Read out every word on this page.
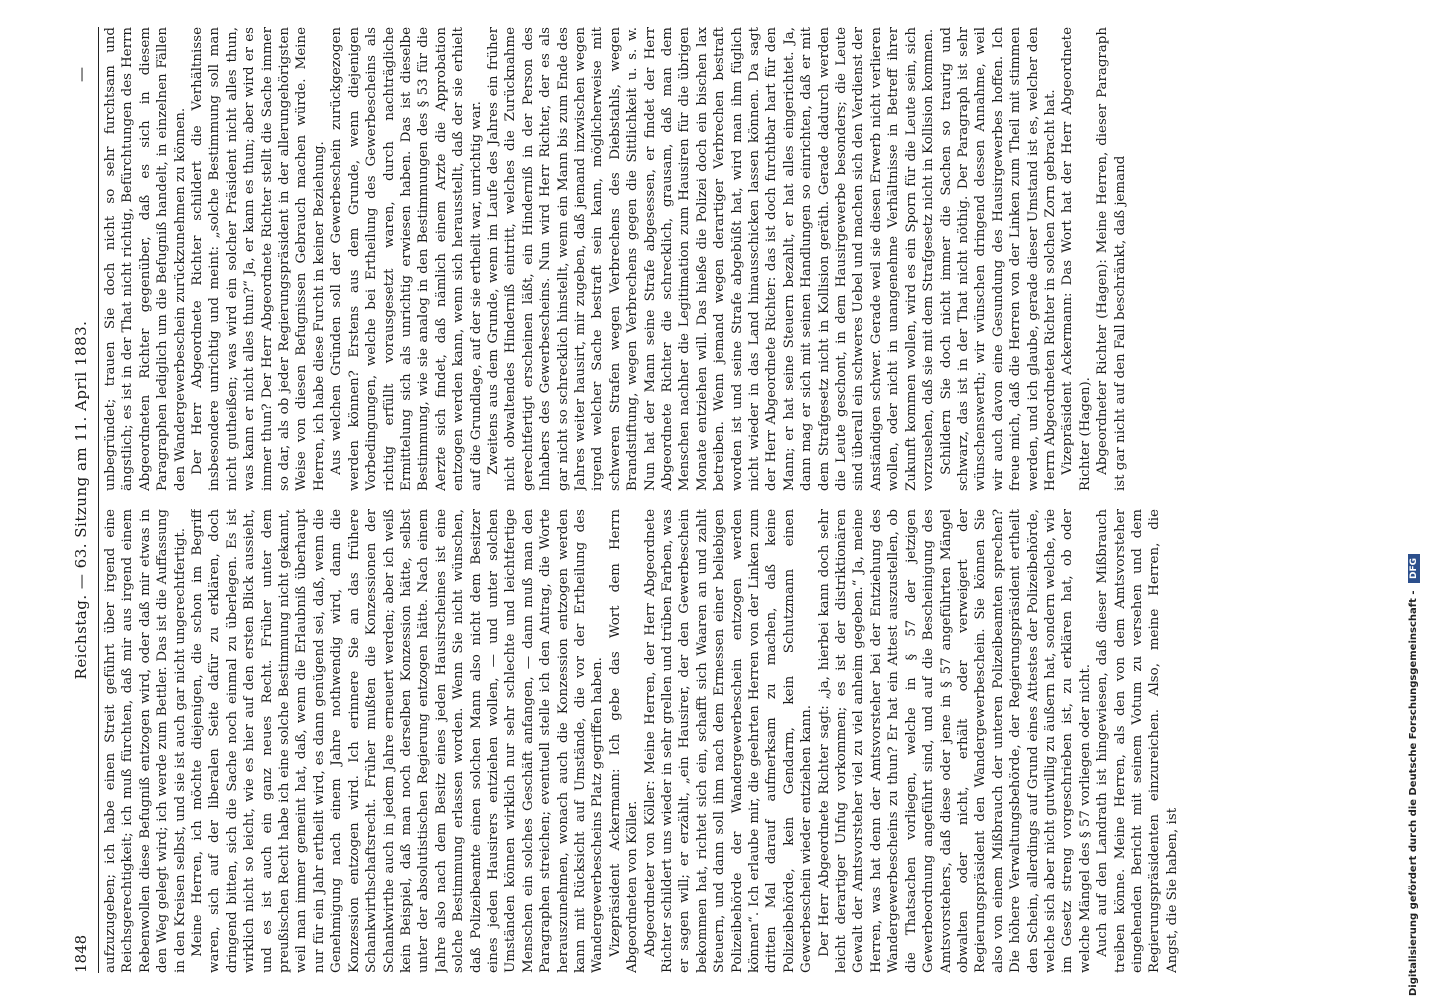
1848
Reichstag. — 63. Sitzung am 11. April 1883.
—

aufzuzugeben; ich habe einen Streit geführt über irgend eine Reichsgerechtigkeit; ich muß fürchten, daß mir aus irgend einem Rebenwollen diese Befugniß entzogen wird, oder daß mir etwas in den Weg gelegt wird; ich werde zum Bettler. Das ist die Auffassung in den Kreisen selbst, und sie ist auch gar nicht ungerechtfertigt. Meine Herren, ich möchte diejenigen, die schon im Begriff waren, sich auf der liberalen Seite dafür zu erklären, doch dringend bitten, sich die Sache noch einmal zu überlegen. Es ist wirklich nicht so leicht, wie es hier auf den ersten Blick aussieht, und es ist auch ein ganz neues Recht. Früher unter dem preußischen Recht habe ich eine solche Bestimmung nicht gekannt, weil man immer gemeint hat, daß, wenn die Erlaubniß überhaupt nur für ein Jahr ertheilt wird, es dann genügend sei, daß, wenn die Genehmigung nach einem Jahre nothwendig wird, dann die Konzession entzogen wird. Ich erinnere Sie an das frühere Schankwirthschaftsrecht. Früher mußten die Konzessionen der Schankwirthe auch in jedem Jahre erneuert werden; aber ich weiß kein Beispiel, daß man noch derselben Konzession hätte, selbst unter der absolutistischen Regierung entzogen hätte. Nach einem Jahre also nach dem Besitz eines jeden Hausirscheines ist eine solche Bestimmung erlassen worden. Wenn Sie nicht wünschen, daß Polizeibeamte einen solchen Mann also nicht dem Besitzer eines jeden Hausirers entziehen wollen, — und unter solchen Umständen können wirklich nur sehr schlechte und leichtfertige Menschen ein solches Geschäft anfangen, — dann muß man den Paragraphen streichen; eventuell stelle ich den Antrag, die Worte herauszunehmen, wonach auch die Konzession entzogen werden kann mit Rücksicht auf Umstände, die vor der Ertheilung des Wandergewerbescheins Platz gegriffen haben. Vizepräsident Ackermann: Ich gebe das Wort dem Herrn Abgeordneten von Köller. Abgeordneter von Köller: Meine Herren, der Herr Abgeordnete Richter schildert uns wieder in sehr grellen und trüben Farben, was er sagen will; er erzählt, „ein Hausirer, der den Gewerbeschein bekommen hat, richtet sich ein, schafft sich Waaren an und zahlt Steuern, und dann soll ihm nach dem Ermessen einer beliebigen Polizeibehörde der Wandergewerbeschein entzogen werden können“. Ich erlaube mir, die geehrten Herren von der Linken zum dritten Mal darauf aufmerksam zu machen, daß keine Polizeibehörde, kein Gendarm, kein Schutzmann einen Gewerbeschein wieder entziehen kann. Der Herr Abgeordnete Richter sagt: „ja, hierbei kann doch sehr leicht derartiger Unfug vorkommen; es ist der distriktionären Gewalt der Amtsvorsteher viel zu viel anheim gegeben.“ Ja, meine Herren, was hat denn der Amtsvorsteher bei der Entziehung des Wandergewerbescheins zu thun? Er hat ein Attest auszustellen, ob die Thatsachen vorliegen, welche in § 57 der jetzigen Gewerbeordnung angeführt sind, und auf die Bescheinigung des Amtsvorstehers, daß diese oder jene in § 57 angeführten Mängel obwalten oder nicht, erhält oder verweigert der Regierungspräsident den Wandergewerbeschein. Sie können Sie also von einem Mißbrauch der unteren Polizeibeamten sprechen? Die höhere Verwaltungsbehörde, der Regierungspräsident ertheilt den Schein, allerdings auf Grund eines Attestes der Polizeibehörde, welche sich aber nicht gutwillig zu äußern hat, sondern welche, wie im Gesetz streng vorgeschrieben ist, zu erklären hat, ob oder welche Mängel des § 57 vorliegen oder nicht. Auch auf den Landrath ist hingewiesen, daß dieser Mißbrauch treiben könne. Meine Herren, als den von dem Amtsvorsteher eingehenden Bericht mit seinem Votum zu versehen und dem Regierungspräsidenten einzureichen. Also, meine Herren, die Angst, die Sie haben, ist

unbegründet; trauen Sie doch nicht so sehr furchtsam und ängstlich; es ist in der That nicht richtig, Befürchtungen des Herrn Abgeordneten Richter gegenüber, daß es sich in diesem Paragraphen lediglich um die Befugniß handelt, in einzelnen Fällen den Wandergewerbeschein zurückzunehmen zu können. Der Herr Abgeordnete Richter schildert die Verhältnisse insbesondere unrichtig und meint: „solche Bestimmung soll man nicht gutheißen; was wird ein solcher Präsident nicht alles thun, was kann er nicht alles thun?“ Ja, er kann es thun; aber wird er es immer thun? Der Herr Abgeordnete Richter stellt die Sache immer so dar, als ob jeder Regierungspräsident in der allerungehörigsten Weise von diesen Befugnissen Gebrauch machen würde. Meine Herren, ich habe diese Furcht in keiner Beziehung. Aus welchen Gründen soll der Gewerbeschein zurückgezogen werden können? Erstens aus dem Grunde, wenn diejenigen Vorbedingungen, welche bei Ertheilung des Gewerbescheins als richtig erfüllt vorausgesetzt waren, durch nachträgliche Ermittelung sich als unrichtig erwiesen haben. Das ist dieselbe Bestimmung, wie sie analog in den Bestimmungen des § 53 für die Aerzte sich findet, daß nämlich einem Arzte die Approbation entzogen werden kann, wenn sich herausstellt, daß der sie erhielt auf die Grundlage, auf der sie ertheilt war, unrichtig war. Zweitens aus dem Grunde, wenn im Laufe des Jahres ein früher nicht obwaltendes Hinderniß eintritt, welches die Zurücknahme gerechtfertigt erscheinen läßt, ein Hinderniß in der Person des Inhabers des Gewerbescheins. Nun wird Herr Richter, der es als gar nicht so schrecklich hinstellt, wenn ein Mann bis zum Ende des Jahres weiter hausirt, mir zugeben, daß jemand inzwischen wegen irgend welcher Sache bestraft sein kann, möglicherweise mit schweren Strafen wegen Verbrechens des Diebstahls, wegen Brandstiftung, wegen Verbrechens gegen die Sittlichkeit u. s. w. Nun hat der Mann seine Strafe abgesessen, er findet der Herr Abgeordnete Richter die schrecklich, grausam, daß man dem Menschen nachher die Legitimation zum Hausiren für die übrigen Monate entziehen will. Das hieße die Polizei doch ein bischen lax betreiben. Wenn jemand wegen derartiger Verbrechen bestraft worden ist und seine Strafe abgebüßt hat, wird man ihm füglich nicht wieder in das Land hinausschicken lassen können. Da sagt der Herr Abgeordnete Richter: das ist doch furchtbar hart für den Mann; er hat seine Steuern bezahlt, er hat alles eingerichtet. Ja, dann mag er sich mit seinen Handlungen so einrichten, daß er mit dem Strafgesetz nicht in Kollision geräth. Gerade dadurch werden die Leute geschont, in dem Hausirgewerbe besonders; die Leute sind überall ein schweres Uebel und machen sich den Verdienst der Anständigen schwer. Gerade weil sie diesen Erwerb nicht verlieren wollen, oder nicht in unangenehme Verhältnisse in Betreff ihrer Zukunft kommen wollen, wird es ein Sporn für die Leute sein, sich vorzusehen, daß sie mit dem Strafgesetz nicht in Kollision kommen. Schildern Sie doch nicht immer die Sachen so traurig und schwarz, das ist in der That nicht nöthig. Der Paragraph ist sehr wünschenswerth; wir wünschen dringend dessen Annahme, weil wir auch davon eine Gesundung des Hausirgewerbes hoffen. Ich freue mich, daß die Herren von der Linken zum Theil mit stimmen werden, und ich glaube, gerade dieser Umstand ist es, welcher den Herrn Abgeordneten Richter in solchen Zorn gebracht hat. Vizepräsident Ackermann: Das Wort hat der Herr Abgeordnete Richter (Hagen). Abgeordneter Richter (Hagen): Meine Herren, dieser Paragraph ist gar nicht auf den Fall beschränkt, daß jemand

Digitalisierung gefördert durch die Deutsche Forschungsgemeinschaft - DFG
